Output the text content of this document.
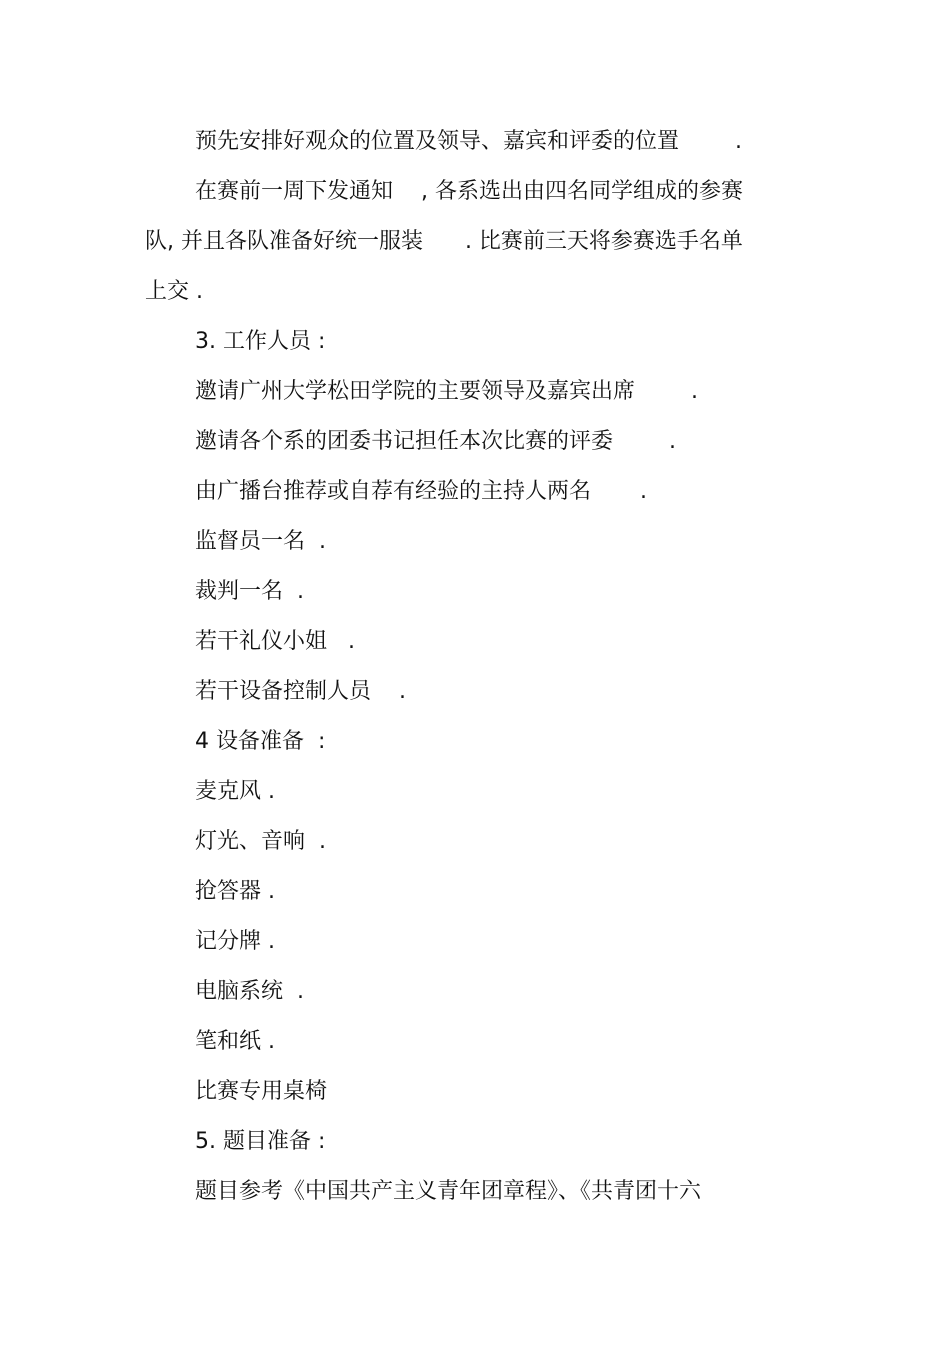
预先安排好观众的位置及领导、嘉宾和评委的位置        .
在赛前一周下发通知    , 各系选出由四名同学组成的参赛
队, 并且各队准备好统一服装      . 比赛前三天将参赛选手名单
上交 .
3. 工作人员 :
邀请广州大学松田学院的主要领导及嘉宾出席        .
邀请各个系的团委书记担任本次比赛的评委        .
由广播台推荐或自荐有经验的主持人两名       .
监督员一名  .
裁判一名  .
若干礼仪小姐   .
若干设备控制人员    .
4 设备准备  :
麦克风 .
灯光、音响  .
抢答器 .
记分牌 .
电脑系统  .
笔和纸 .
比赛专用桌椅
5. 题目准备 :
题目参考《中国共产主义青年团章程》、《共青团十六
